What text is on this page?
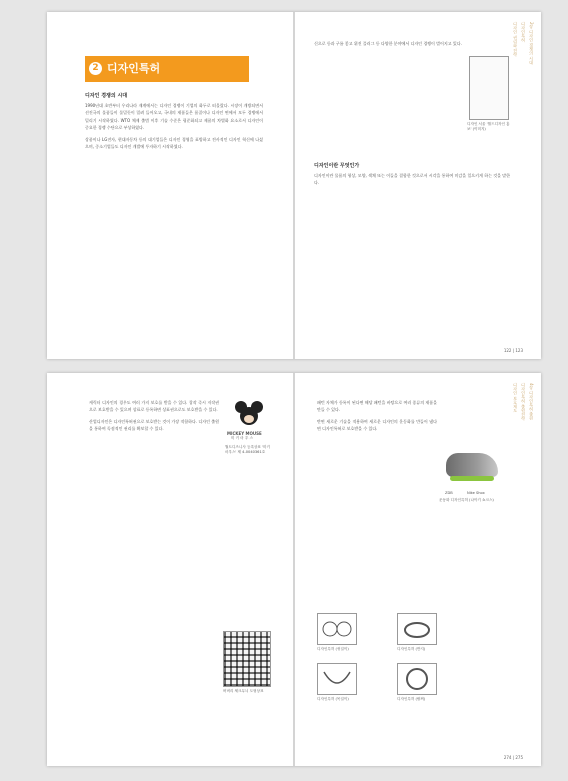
2 디자인특허
디자인 경쟁의 시대

1990년대 초반부터 우리나라 재계에서는 디자인 경쟁이 기업의 화두로 떠올랐다. 시장이 개방되면서 선진국의 물품들이 물밀듯이 밀려 들어오고, 국내의 제품들은 품질이나 디자인 면에서 모두 경쟁에서 밀리기 시작하였다. WTO 체제 출범 이후 기술 수준은 평준화되고 제품의 차별화 요소로서 디자인이 중요한 경쟁 수단으로 부상하였다.

상품이나 LG전자, 현대자동차 등의 대기업들은 디자인 경영을 표방하고 전사적인 디자인 혁신에 나섰으며, 중소기업들도 디자인 개발에 투자하기 시작하였다.

신으로 등과 구름 좋고 위진 플러그 등 다양한 분야에서 디자인 경쟁이 벌어지고 있다.

디자인 서울 '월드디자인 홍보' (이미지)
디자인이란 무엇인가

디자인이란 물품의 형상, 모양, 색채 또는 이들을 결합한 것으로서 시각을 통하여 미감을 일으키게 하는 것을 말한다.

2장 디자인 경쟁의 시대
디자인특허
디자인 권리화 전략
122 | 123

캐릭터 디자인의 경우도 여러 가지 보호를 받을 수 있다. 창작 즉시 저작권으로 보호받을 수 있으며 상표로 등록하면 상표권으로도 보호받을 수 있다.

산업디자인은 디자인특허권으로 보호받는 것이 가장 적합하다. 디자인 출원을 통하여 독점적인 권리를 확보할 수 있다.

MICKEY MOUSE
미 키 마 우 스
월트디즈니사 등록상표 '미키마우스' 제 4-0040361호
버버리 체크무늬 도형상표

패턴 자체가 등록이 된다면 해당 패턴을 바탕으로 여러 종류의 제품을 만들 수 있다.

반면 새로운 기술을 적용하여 새로운 디자인의 운동화를 만들어 냈다면 디자인특허로 보호받을 수 있다.

ZDB	Nike Shox
운동화 디자인특허 (나이키 쇼크스)
디자인특허 (귀걸이)	디자인특허 (반지)
디자인특허 (목걸이)	디자인특허 (팔찌)
4장 디자인특허 출원
디자인특허 출원전략
디자인 보호제도
274 | 275
